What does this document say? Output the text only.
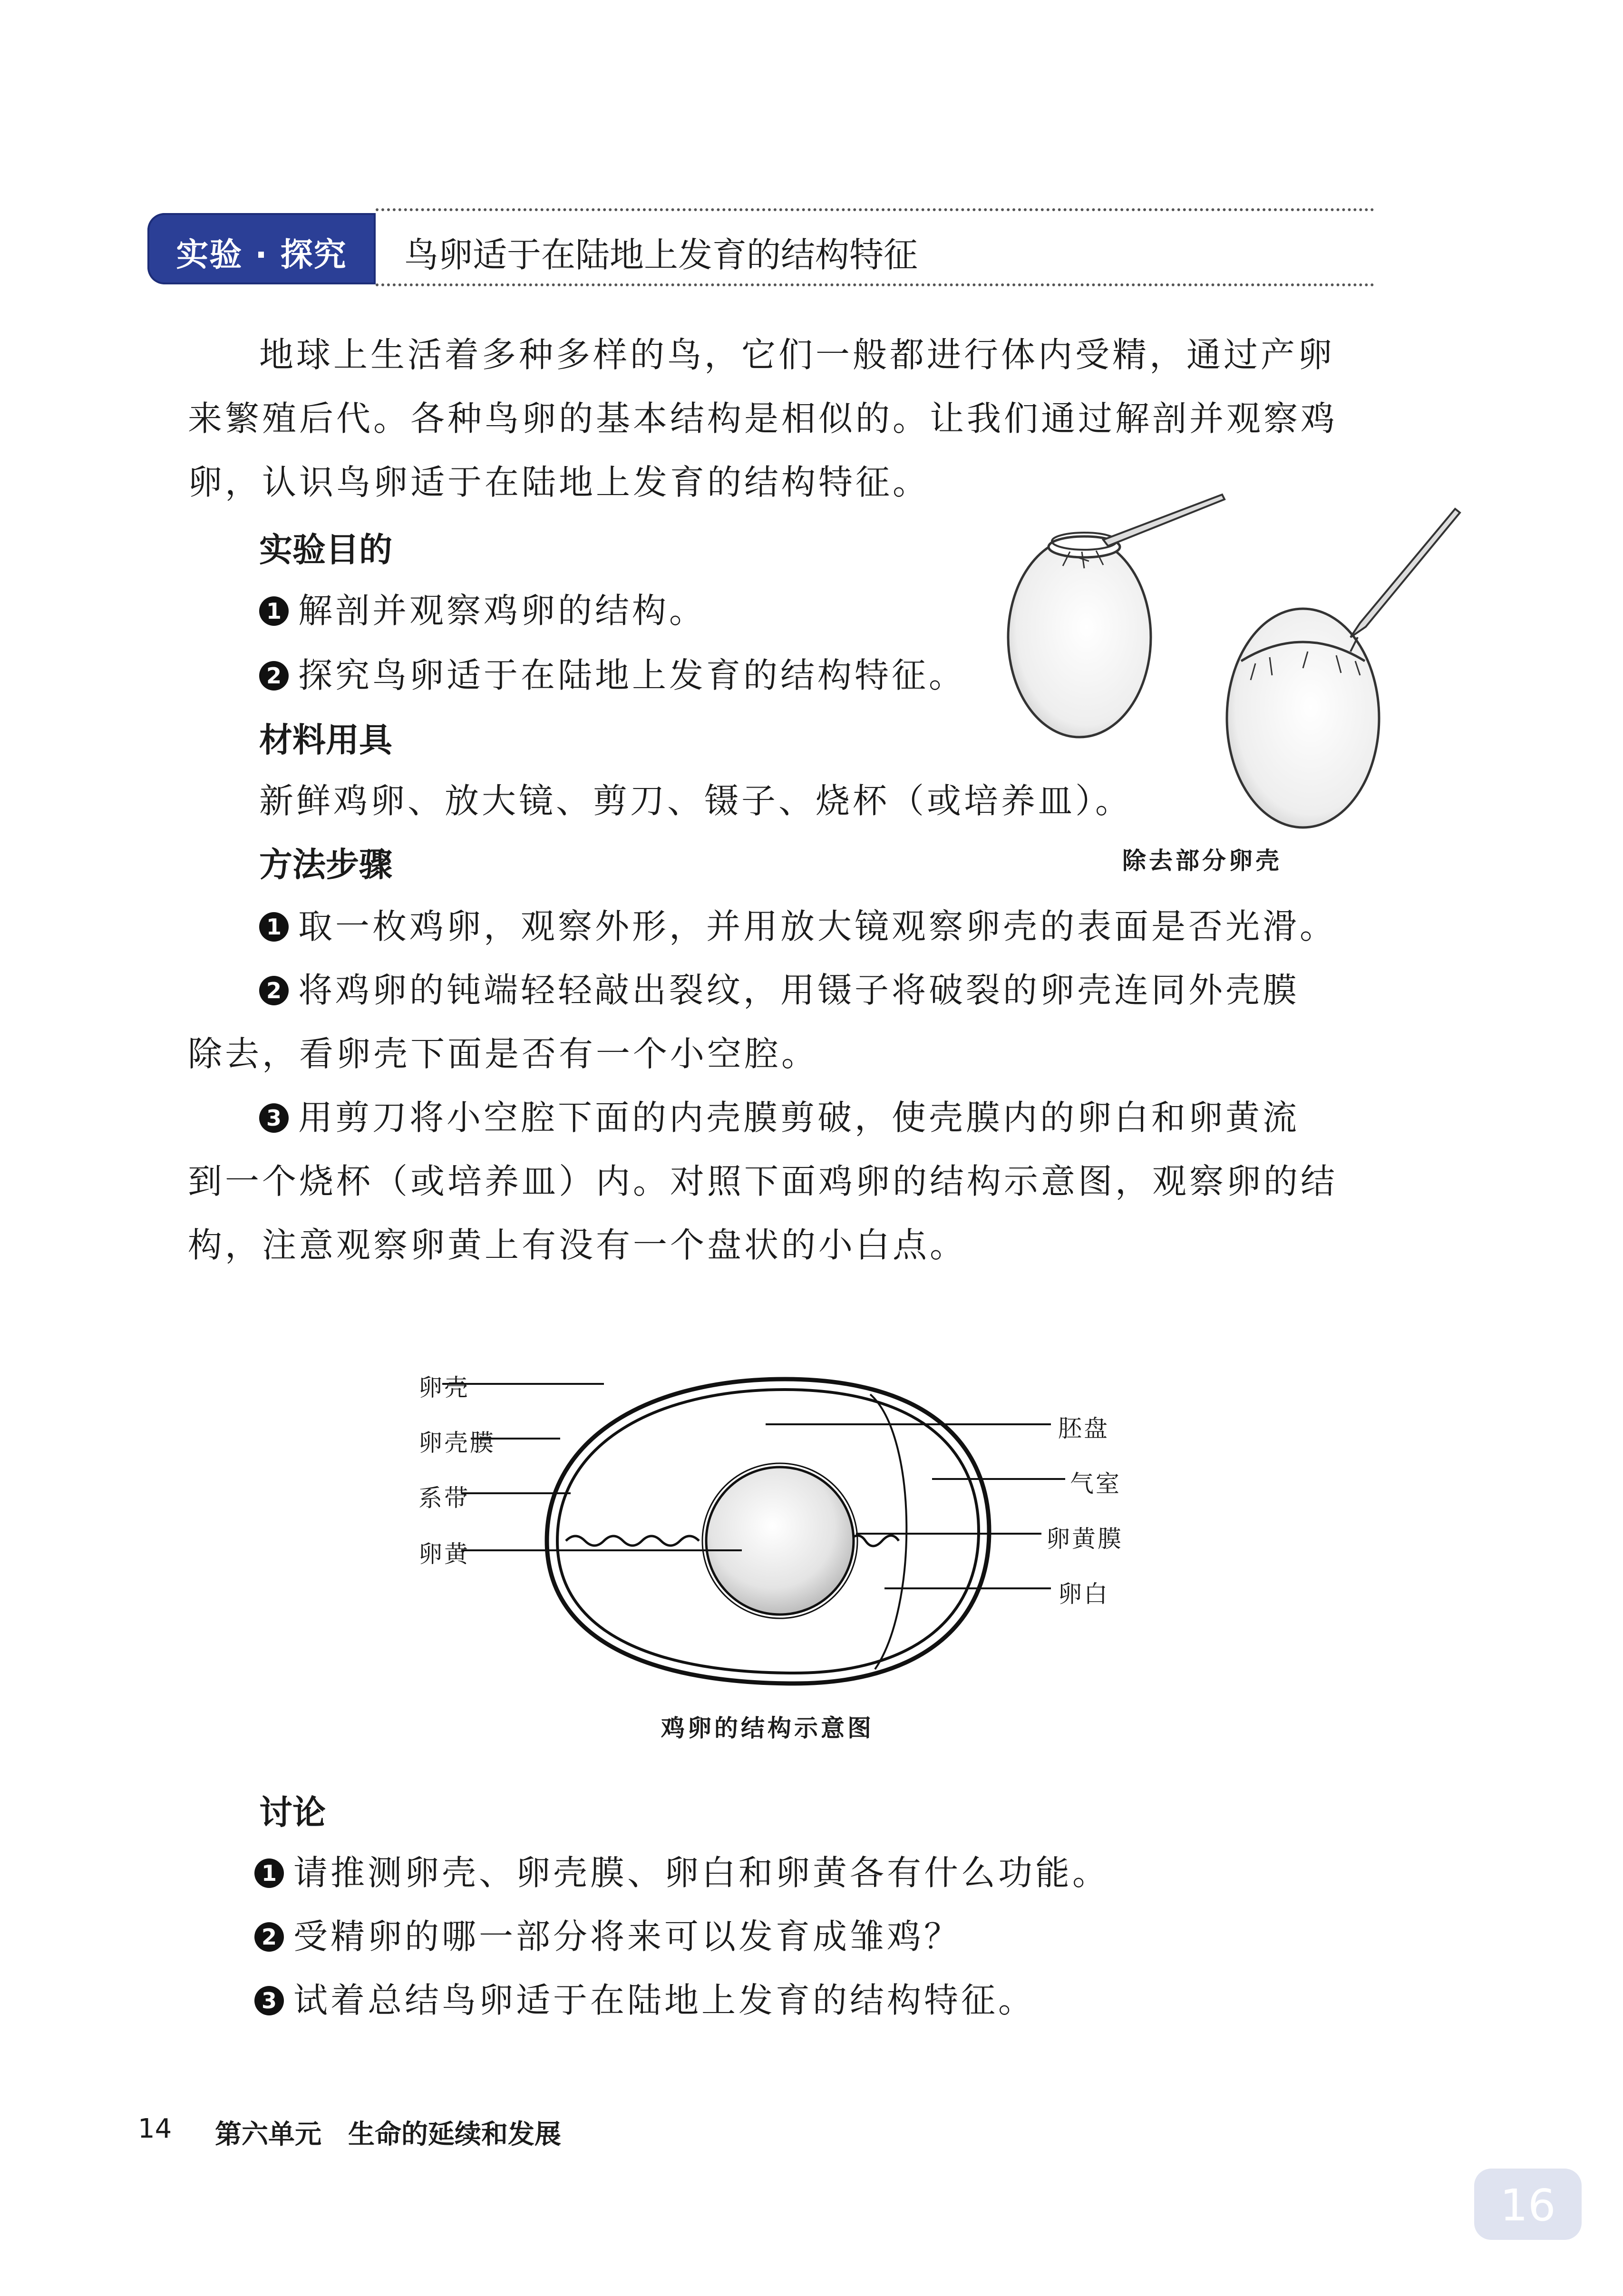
实验 · 探究	鸟卵适于在陆地上发育的结构特征
地球上生活着多种多样的鸟，它们一般都进行体内受精，通过产卵
来繁殖后代。各种鸟卵的基本结构是相似的。让我们通过解剖并观察鸡
卵，认识鸟卵适于在陆地上发育的结构特征。
实验目的
1 解剖并观察鸡卵的结构。
2 探究鸟卵适于在陆地上发育的结构特征。
材料用具
新鲜鸡卵、放大镜、剪刀、镊子、烧杯（或培养皿）。
除去部分卵壳
方法步骤
1 取一枚鸡卵，观察外形，并用放大镜观察卵壳的表面是否光滑。
2 将鸡卵的钝端轻轻敲出裂纹，用镊子将破裂的卵壳连同外壳膜
除去，看卵壳下面是否有一个小空腔。
3 用剪刀将小空腔下面的内壳膜剪破，使壳膜内的卵白和卵黄流
到一个烧杯（或培养皿）内。对照下面鸡卵的结构示意图，观察卵的结
构，注意观察卵黄上有没有一个盘状的小白点。
卵壳
卵壳膜
系带
卵黄
胚盘
气室
卵黄膜
卵白
鸡卵的结构示意图
讨论
1 请推测卵壳、卵壳膜、卵白和卵黄各有什么功能。
2 受精卵的哪一部分将来可以发育成雏鸡？
3 试着总结鸟卵适于在陆地上发育的结构特征。
14 第六单元　生命的延续和发展
16
